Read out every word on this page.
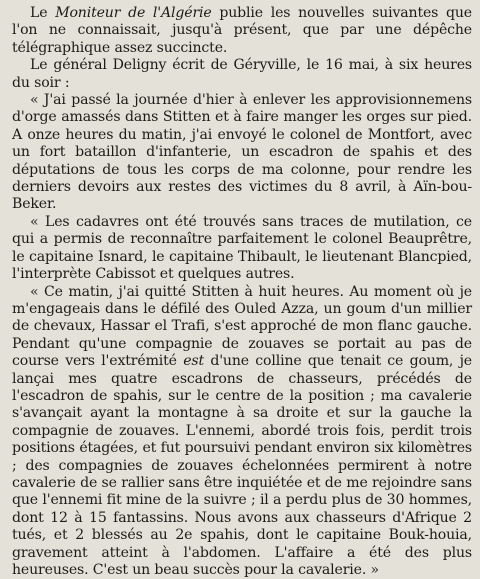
Le Moniteur de l'Algérie publie les nouvelles suivantes que l'on ne connaissait, jusqu'à présent, que par une dépêche télégraphique assez succincte.

Le général Deligny écrit de Géryville, le 16 mai, à six heures du soir :

« J'ai passé la journée d'hier à enlever les approvisionnemens d'orge amassés dans Stitten et à faire manger les orges sur pied. A onze heures du matin, j'ai envoyé le colonel de Montfort, avec un fort bataillon d'infanterie, un escadron de spahis et des députations de tous les corps de ma colonne, pour rendre les derniers devoirs aux restes des victimes du 8 avril, à Aïn-bou-Beker.

« Les cadavres ont été trouvés sans traces de mutilation, ce qui a permis de reconnaître parfaitement le colonel Beauprêtre, le capitaine Isnard, le capitaine Thibault, le lieutenant Blancpied, l'interprète Cabissot et quelques autres.

« Ce matin, j'ai quitté Stitten à huit heures. Au moment où je m'engageais dans le défilé des Ouled Azza, un goum d'un millier de chevaux, Hassar el Trafi, s'est approché de mon flanc gauche. Pendant qu'une compagnie de zouaves se portait au pas de course vers l'extrémité est d'une colline que tenait ce goum, je lançai mes quatre escadrons de chasseurs, précédés de l'escadron de spahis, sur le centre de la position ; ma cavalerie s'avançait ayant la montagne à sa droite et sur la gauche la compagnie de zouaves. L'ennemi, abordé trois fois, perdit trois positions étagées, et fut poursuivi pendant environ six kilomètres ; des compagnies de zouaves échelonnées permirent à notre cavalerie de se rallier sans être inquiétée et de me rejoindre sans que l'ennemi fit mine de la suivre ; il a perdu plus de 30 hommes, dont 12 à 15 fantassins. Nous avons aux chasseurs d'Afrique 2 tués, et 2 blessés au 2e spahis, dont le capitaine Bouk-houia, gravement atteint à l'abdomen. L'affaire a été des plus heureuses. C'est un beau succès pour la cavalerie. »
